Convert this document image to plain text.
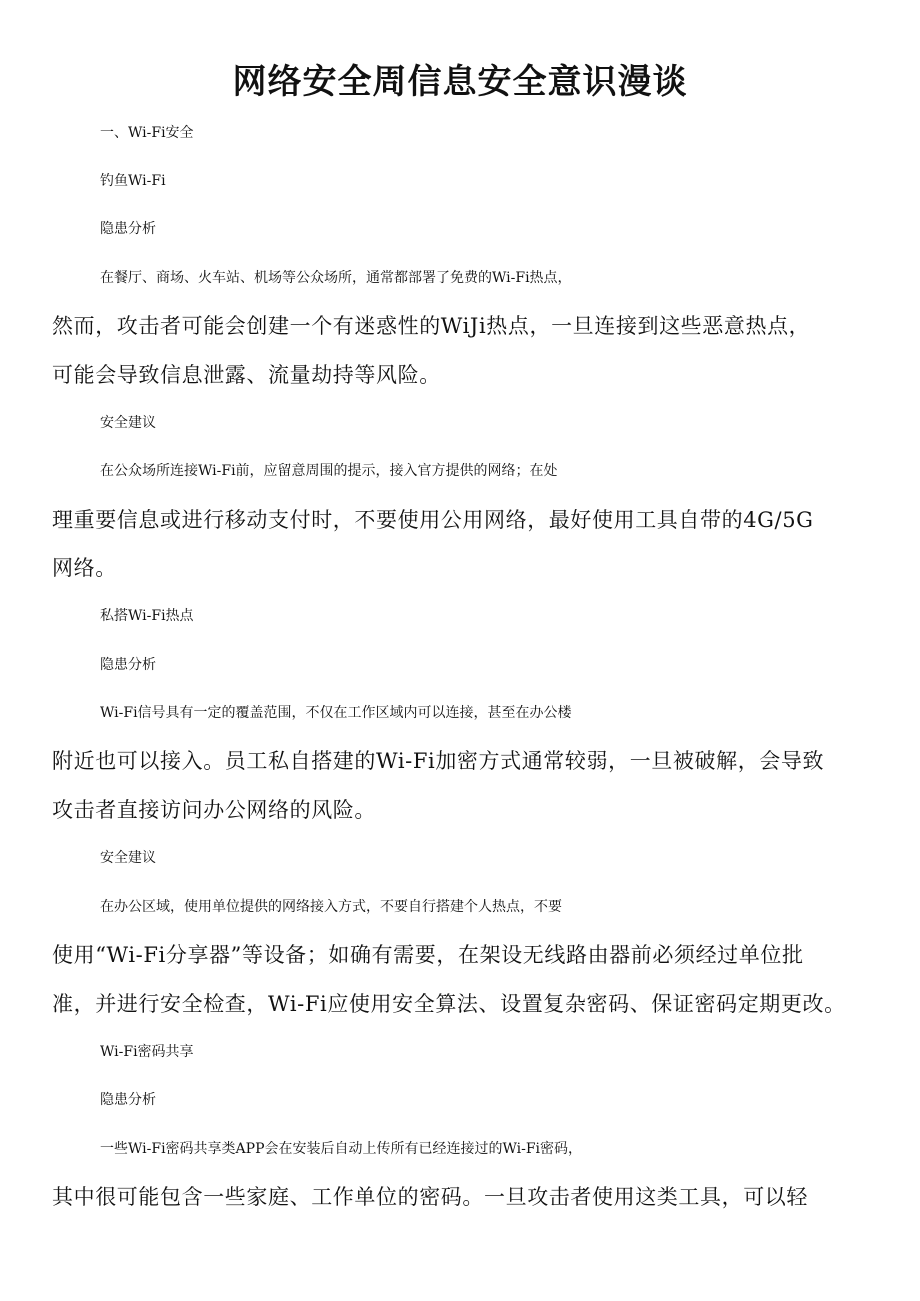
网络安全周信息安全意识漫谈
一、Wi-Fi安全
钓鱼Wi-Fi
隐患分析
在餐厅、商场、火车站、机场等公众场所，通常都部署了免费的Wi-Fi热点，
然而，攻击者可能会创建一个有迷惑性的WiJi热点，一旦连接到这些恶意热点，
可能会导致信息泄露、流量劫持等风险。
安全建议
在公众场所连接Wi-Fi前，应留意周围的提示，接入官方提供的网络；在处
理重要信息或进行移动支付时，不要使用公用网络，最好使用工具自带的4G/5G
网络。
私搭Wi-Fi热点
隐患分析
Wi-Fi信号具有一定的覆盖范围，不仅在工作区域内可以连接，甚至在办公楼
附近也可以接入。员工私自搭建的Wi-Fi加密方式通常较弱，一旦被破解，会导致
攻击者直接访问办公网络的风险。
安全建议
在办公区域，使用单位提供的网络接入方式，不要自行搭建个人热点，不要
使用“Wi-Fi分享器”等设备；如确有需要，在架设无线路由器前必须经过单位批
准，并进行安全检查，Wi-Fi应使用安全算法、设置复杂密码、保证密码定期更改。
Wi-Fi密码共享
隐患分析
一些Wi-Fi密码共享类APP会在安装后自动上传所有已经连接过的Wi-Fi密码，
其中很可能包含一些家庭、工作单位的密码。一旦攻击者使用这类工具，可以轻
